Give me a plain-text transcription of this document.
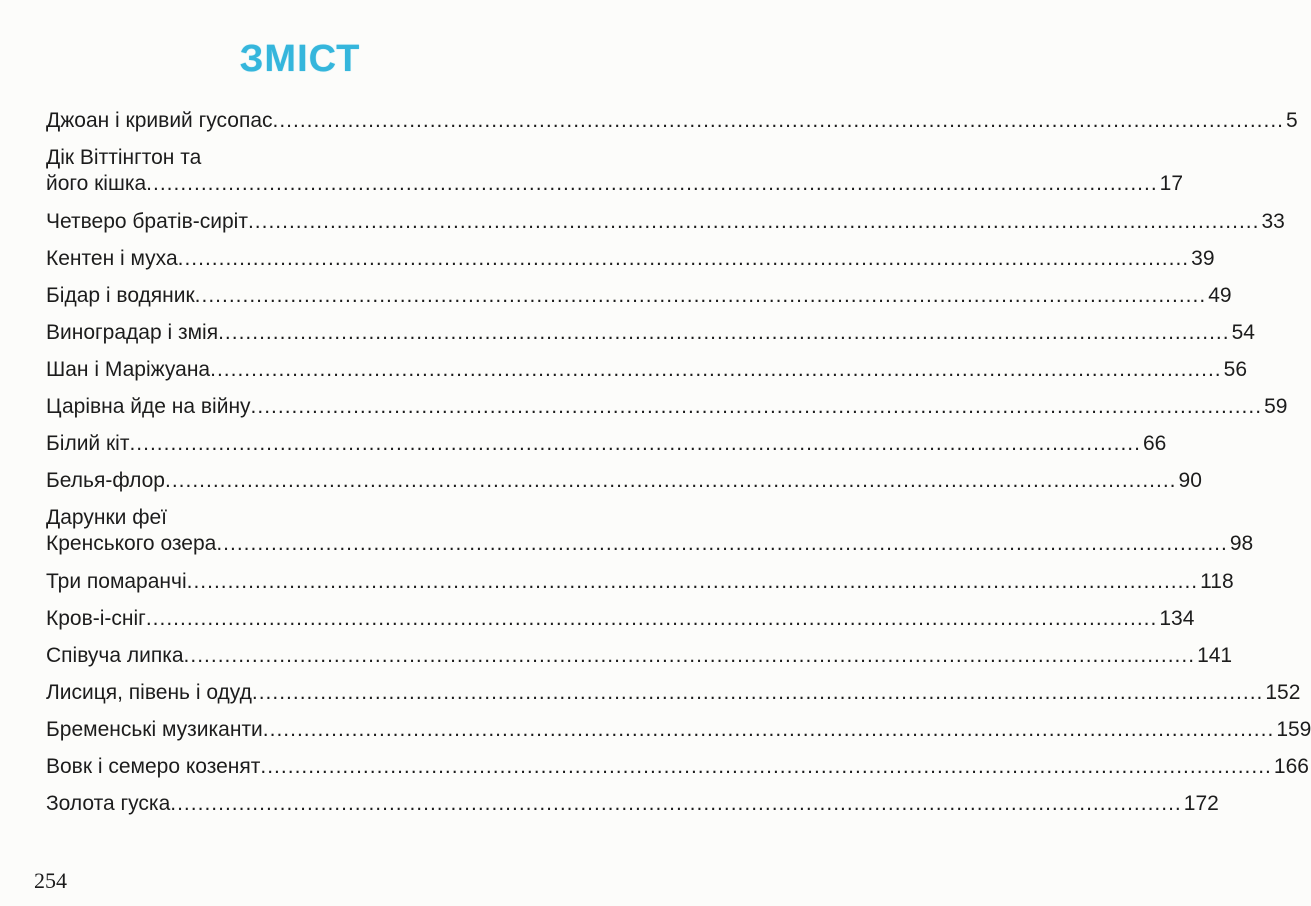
ЗМІСТ
Джоан і кривий гусопас .................................................................................................................................................... 5
Дік Віттінгтон та
його кішка .................................................................................................................................................... 17
Четверо братів-сиріт .................................................................................................................................................... 33
Кентен і муха .................................................................................................................................................... 39
Бідар і водяник .................................................................................................................................................... 49
Виноградар і змія .................................................................................................................................................... 54
Шан і Маріжуана .................................................................................................................................................... 56
Царівна йде на війну .................................................................................................................................................... 59
Білий кіт .................................................................................................................................................... 66
Белья-флор .................................................................................................................................................... 90
Дарунки феї
Кренського озера .................................................................................................................................................... 98
Три помаранчі .................................................................................................................................................... 118
Кров-і-сніг .................................................................................................................................................... 134
Співуча липка .................................................................................................................................................... 141
Лисиця, півень і одуд .................................................................................................................................................... 152
Бременські музиканти .................................................................................................................................................... 159
Вовк і семеро козенят .................................................................................................................................................... 166
Золота гуска .................................................................................................................................................... 172
254
